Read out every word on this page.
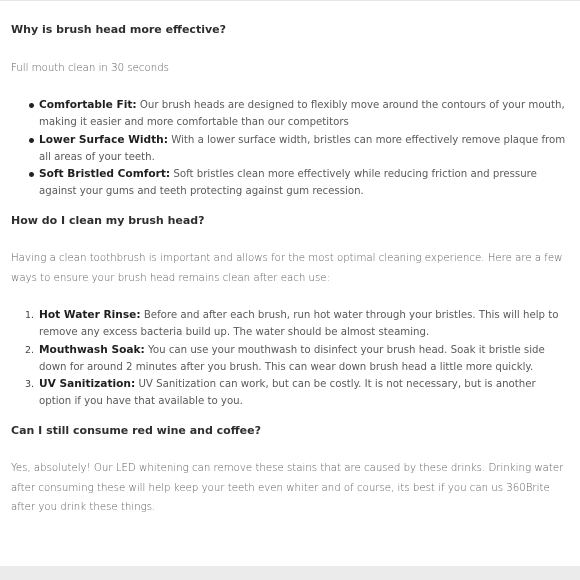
Why is brush head more effective?

Full mouth clean in 30 seconds

Comfortable Fit: Our brush heads are designed to flexibly move around the contours of your mouth, making it easier and more comfortable than our competitors
Lower Surface Width: With a lower surface width, bristles can more effectively remove plaque from all areas of your teeth.
Soft Bristled Comfort: Soft bristles clean more effectively while reducing friction and pressure against your gums and teeth protecting against gum recession.
How do I clean my brush head?

Having a clean toothbrush is important and allows for the most optimal cleaning experience. Here are a few ways to ensure your brush head remains clean after each use:

1. Hot Water Rinse: Before and after each brush, run hot water through your bristles. This will help to remove any excess bacteria build up. The water should be almost steaming.
2. Mouthwash Soak: You can use your mouthwash to disinfect your brush head. Soak it bristle side down for around 2 minutes after you brush. This can wear down brush head a little more quickly.
3. UV Sanitization: UV Sanitization can work, but can be costly. It is not necessary, but is another option if you have that available to you.
Can I still consume red wine and coffee?

Yes, absolutely! Our LED whitening can remove these stains that are caused by these drinks. Drinking water after consuming these will help keep your teeth even whiter and of course, its best if you can us 360Brite after you drink these things.
